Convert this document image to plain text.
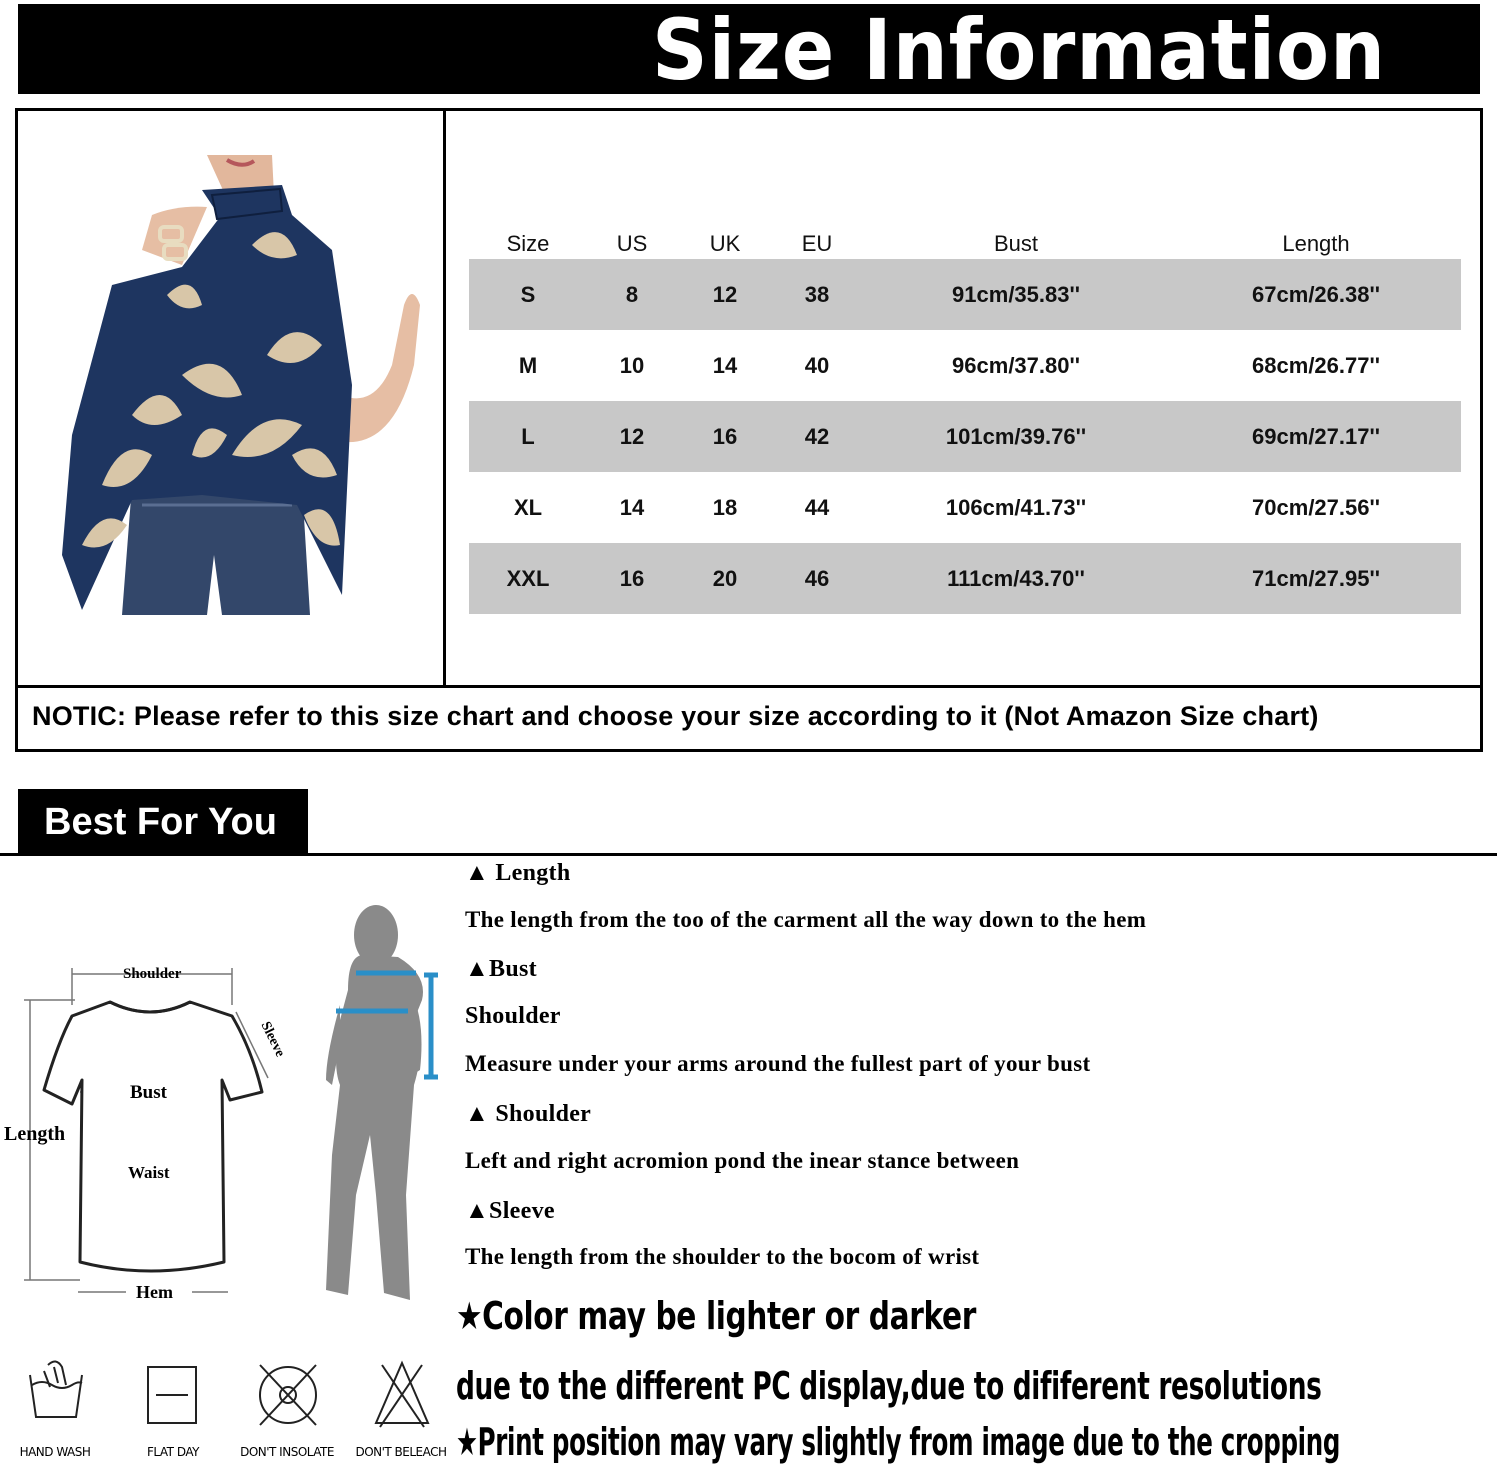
Size Information
Size	US	UK	EU	Bust	Length
S	8	12	38	91cm/35.83''	67cm/26.38''
M	10	14	40	96cm/37.80''	68cm/26.77''
L	12	16	42	101cm/39.76''	69cm/27.17''
XL	14	18	44	106cm/41.73''	70cm/27.56''
XXL	16	20	46	111cm/43.70''	71cm/27.95''
NOTIC: Please refer to this size chart and choose your size according to it (Not Amazon Size chart)
Best For You
Shoulder
Sleeve
Bust
Length
Waist
Hem
▲ Length
The length from the too of the carment all the way down to the hem
▲Bust
Shoulder
Measure under your arms around the fullest part of your bust
▲ Shoulder
Left and right acromion pond the inear stance between
▲Sleeve
The length from the shoulder to the bocom of wrist
★Color may be lighter or darker
due to the different PC display,due to dififerent resolutions
★Print position may vary slightly from image due to the cropping
HAND WASH	FLAT DAY	DON'T INSOLATE	DON'T BELEACH
